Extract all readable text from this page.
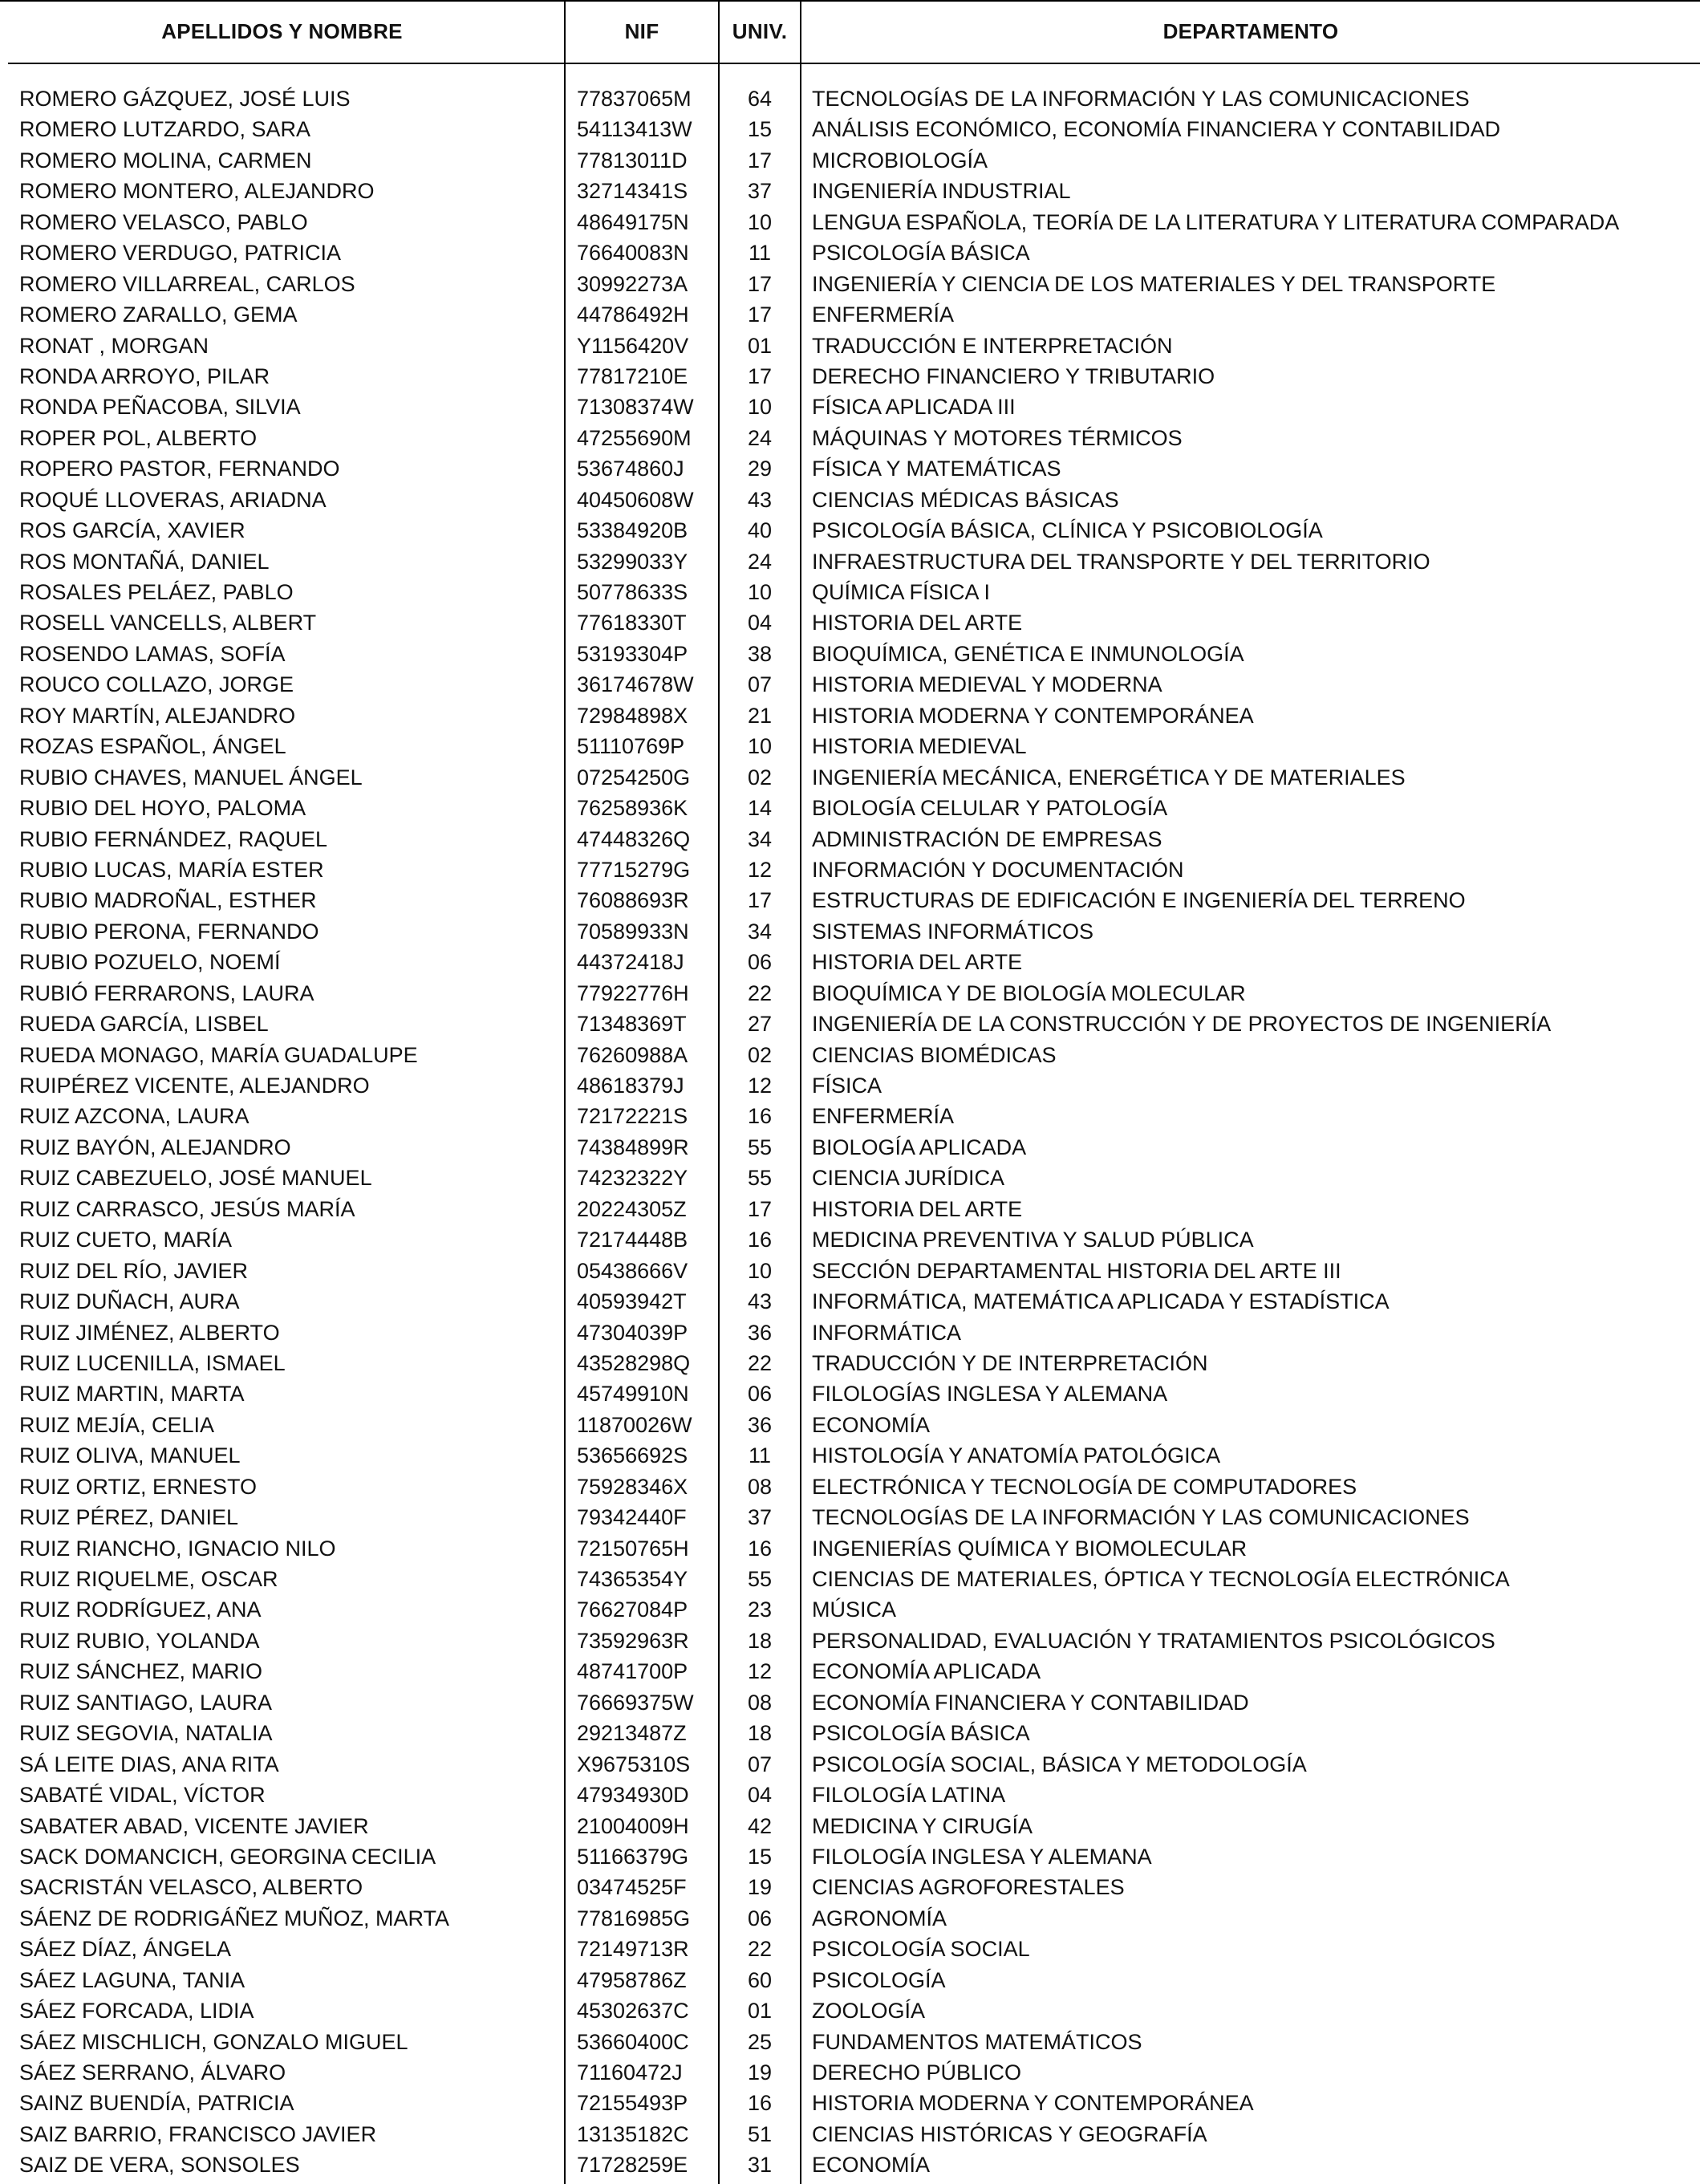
APELLIDOS Y NOMBRE	NIF	UNIV.	DEPARTAMENTO
ROMERO GÁZQUEZ, JOSÉ LUIS	77837065M	64	TECNOLOGÍAS DE LA INFORMACIÓN Y LAS COMUNICACIONES
ROMERO LUTZARDO, SARA	54113413W	15	ANÁLISIS ECONÓMICO, ECONOMÍA FINANCIERA Y CONTABILIDAD
ROMERO MOLINA, CARMEN	77813011D	17	MICROBIOLOGÍA
ROMERO MONTERO, ALEJANDRO	32714341S	37	INGENIERÍA INDUSTRIAL
ROMERO VELASCO, PABLO	48649175N	10	LENGUA ESPAÑOLA, TEORÍA DE LA LITERATURA Y LITERATURA COMPARADA
ROMERO VERDUGO, PATRICIA	76640083N	11	PSICOLOGÍA BÁSICA
ROMERO VILLARREAL, CARLOS	30992273A	17	INGENIERÍA Y CIENCIA DE LOS MATERIALES Y DEL TRANSPORTE
ROMERO ZARALLO, GEMA	44786492H	17	ENFERMERÍA
RONAT , MORGAN	Y1156420V	01	TRADUCCIÓN E INTERPRETACIÓN
RONDA ARROYO, PILAR	77817210E	17	DERECHO FINANCIERO Y TRIBUTARIO
RONDA PEÑACOBA, SILVIA	71308374W	10	FÍSICA APLICADA III
ROPER POL, ALBERTO	47255690M	24	MÁQUINAS Y MOTORES TÉRMICOS
ROPERO PASTOR, FERNANDO	53674860J	29	FÍSICA Y MATEMÁTICAS
ROQUÉ LLOVERAS, ARIADNA	40450608W	43	CIENCIAS MÉDICAS BÁSICAS
ROS GARCÍA, XAVIER	53384920B	40	PSICOLOGÍA BÁSICA, CLÍNICA Y PSICOBIOLOGÍA
ROS MONTAÑÁ, DANIEL	53299033Y	24	INFRAESTRUCTURA DEL TRANSPORTE Y DEL TERRITORIO
ROSALES PELÁEZ, PABLO	50778633S	10	QUÍMICA FÍSICA I
ROSELL VANCELLS, ALBERT	77618330T	04	HISTORIA DEL ARTE
ROSENDO LAMAS, SOFÍA	53193304P	38	BIOQUÍMICA, GENÉTICA E INMUNOLOGÍA
ROUCO COLLAZO, JORGE	36174678W	07	HISTORIA MEDIEVAL Y MODERNA
ROY MARTÍN, ALEJANDRO	72984898X	21	HISTORIA MODERNA Y CONTEMPORÁNEA
ROZAS ESPAÑOL, ÁNGEL	51110769P	10	HISTORIA MEDIEVAL
RUBIO CHAVES, MANUEL ÁNGEL	07254250G	02	INGENIERÍA MECÁNICA, ENERGÉTICA Y DE MATERIALES
RUBIO DEL HOYO, PALOMA	76258936K	14	BIOLOGÍA CELULAR Y PATOLOGÍA
RUBIO FERNÁNDEZ, RAQUEL	47448326Q	34	ADMINISTRACIÓN DE EMPRESAS
RUBIO LUCAS, MARÍA ESTER	77715279G	12	INFORMACIÓN Y DOCUMENTACIÓN
RUBIO MADROÑAL, ESTHER	76088693R	17	ESTRUCTURAS DE EDIFICACIÓN E INGENIERÍA DEL TERRENO
RUBIO PERONA, FERNANDO	70589933N	34	SISTEMAS INFORMÁTICOS
RUBIO POZUELO, NOEMÍ	44372418J	06	HISTORIA DEL ARTE
RUBIÓ FERRARONS, LAURA	77922776H	22	BIOQUÍMICA Y DE BIOLOGÍA MOLECULAR
RUEDA GARCÍA, LISBEL	71348369T	27	INGENIERÍA DE LA CONSTRUCCIÓN Y DE PROYECTOS DE INGENIERÍA
RUEDA MONAGO, MARÍA GUADALUPE	76260988A	02	CIENCIAS BIOMÉDICAS
RUIPÉREZ VICENTE, ALEJANDRO	48618379J	12	FÍSICA
RUIZ AZCONA, LAURA	72172221S	16	ENFERMERÍA
RUIZ BAYÓN, ALEJANDRO	74384899R	55	BIOLOGÍA APLICADA
RUIZ CABEZUELO, JOSÉ MANUEL	74232322Y	55	CIENCIA JURÍDICA
RUIZ CARRASCO, JESÚS MARÍA	20224305Z	17	HISTORIA DEL ARTE
RUIZ CUETO, MARÍA	72174448B	16	MEDICINA PREVENTIVA Y SALUD PÚBLICA
RUIZ DEL RÍO, JAVIER	05438666V	10	SECCIÓN DEPARTAMENTAL HISTORIA DEL ARTE III
RUIZ DUÑACH, AURA	40593942T	43	INFORMÁTICA, MATEMÁTICA APLICADA Y ESTADÍSTICA
RUIZ JIMÉNEZ, ALBERTO	47304039P	36	INFORMÁTICA
RUIZ LUCENILLA, ISMAEL	43528298Q	22	TRADUCCIÓN Y DE INTERPRETACIÓN
RUIZ MARTIN, MARTA	45749910N	06	FILOLOGÍAS INGLESA Y ALEMANA
RUIZ MEJÍA, CELIA	11870026W	36	ECONOMÍA
RUIZ OLIVA, MANUEL	53656692S	11	HISTOLOGÍA Y ANATOMÍA PATOLÓGICA
RUIZ ORTIZ, ERNESTO	75928346X	08	ELECTRÓNICA Y TECNOLOGÍA DE COMPUTADORES
RUIZ PÉREZ, DANIEL	79342440F	37	TECNOLOGÍAS DE LA INFORMACIÓN Y LAS COMUNICACIONES
RUIZ RIANCHO, IGNACIO NILO	72150765H	16	INGENIERÍAS QUÍMICA Y BIOMOLECULAR
RUIZ RIQUELME, OSCAR	74365354Y	55	CIENCIAS DE MATERIALES, ÓPTICA Y TECNOLOGÍA ELECTRÓNICA
RUIZ RODRÍGUEZ, ANA	76627084P	23	MÚSICA
RUIZ RUBIO, YOLANDA	73592963R	18	PERSONALIDAD, EVALUACIÓN Y TRATAMIENTOS PSICOLÓGICOS
RUIZ SÁNCHEZ, MARIO	48741700P	12	ECONOMÍA APLICADA
RUIZ SANTIAGO, LAURA	76669375W	08	ECONOMÍA FINANCIERA Y CONTABILIDAD
RUIZ SEGOVIA, NATALIA	29213487Z	18	PSICOLOGÍA BÁSICA
SÁ LEITE DIAS, ANA RITA	X9675310S	07	PSICOLOGÍA SOCIAL, BÁSICA Y METODOLOGÍA
SABATÉ VIDAL, VÍCTOR	47934930D	04	FILOLOGÍA LATINA
SABATER ABAD, VICENTE JAVIER	21004009H	42	MEDICINA Y CIRUGÍA
SACK DOMANCICH, GEORGINA CECILIA	51166379G	15	FILOLOGÍA INGLESA Y ALEMANA
SACRISTÁN VELASCO, ALBERTO	03474525F	19	CIENCIAS AGROFORESTALES
SÁENZ DE RODRIGÁÑEZ MUÑOZ, MARTA	77816985G	06	AGRONOMÍA
SÁEZ DÍAZ, ÁNGELA	72149713R	22	PSICOLOGÍA SOCIAL
SÁEZ LAGUNA, TANIA	47958786Z	60	PSICOLOGÍA
SÁEZ FORCADA, LIDIA	45302637C	01	ZOOLOGÍA
SÁEZ MISCHLICH, GONZALO MIGUEL	53660400C	25	FUNDAMENTOS MATEMÁTICOS
SÁEZ SERRANO, ÁLVARO	71160472J	19	DERECHO PÚBLICO
SAINZ BUENDÍA, PATRICIA	72155493P	16	HISTORIA MODERNA Y CONTEMPORÁNEA
SAIZ BARRIO, FRANCISCO JAVIER	13135182C	51	CIENCIAS HISTÓRICAS Y GEOGRAFÍA
SAIZ DE VERA, SONSOLES	71728259E	31	ECONOMÍA
